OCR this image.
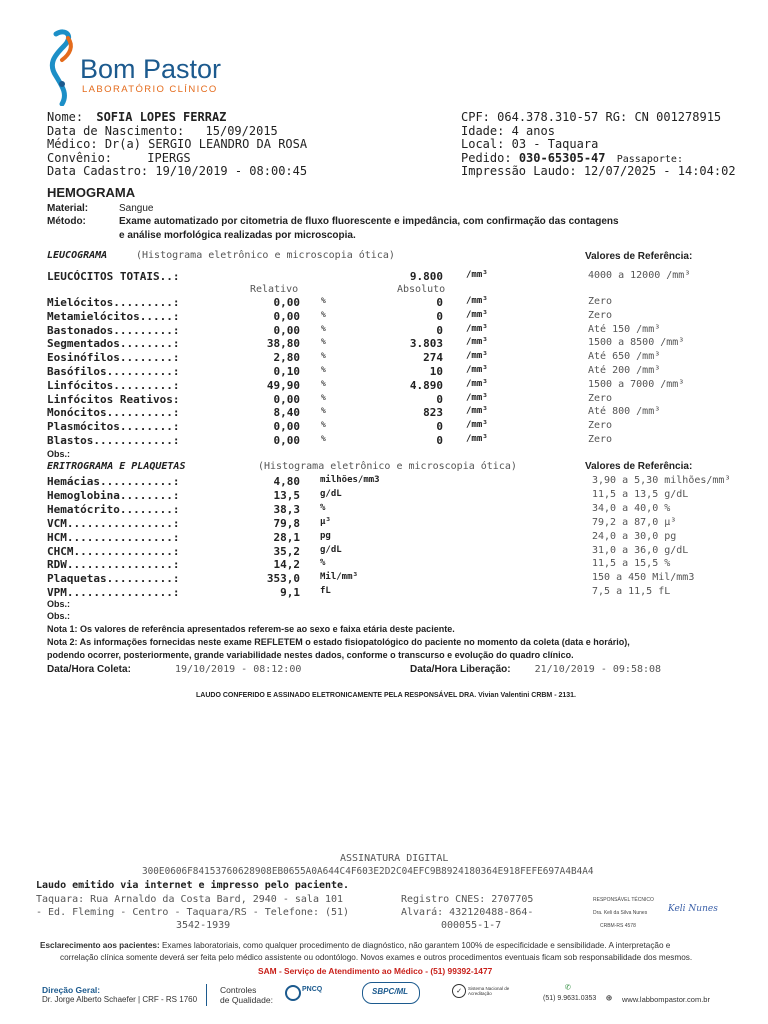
Bom Pastor
LABORATÓRIO CLÍNICO
Nome: SOFIA LOPES FERRAZ
Data de Nascimento: 15/09/2015
Médico: Dr(a) SERGIO LEANDRO DA ROSA
Convênio:	IPERGS
Data Cadastro: 19/10/2019 - 08:00:45
CPF: 064.378.310-57 RG: CN 001278915
Idade: 4 anos
Local: 03 - Taquara
Pedido: 030-65305-47 Passaporte:
Impressão Laudo: 12/07/2025 - 14:04:02
HEMOGRAMA
Material:	Sangue
Método:	Exame automatizado por citometria de fluxo fluorescente e impedância, com confirmação das contagens
e análise morfológica realizadas por microscopia.
LEUCOGRAMA	(Histograma eletrônico e microscopia ótica)	Valores de Referência:
LEUCÓCITOS TOTAIS..:	9.800	/mm³	4000 a 12000 /mm³
Relativo	Absoluto
Mielócitos.........:	0,00	%	0	/mm³	Zero
Metamielócitos.....:	0,00	%	0	/mm³	Zero
Bastonados.........:	0,00	%	0	/mm³	Até 150 /mm³
Segmentados........:	38,80	%	3.803	/mm³	1500 a 8500 /mm³
Eosinófilos........:	2,80	%	274	/mm³	Até 650 /mm³
Basófilos..........:	0,10	%	10	/mm³	Até 200 /mm³
Linfócitos.........:	49,90	%	4.890	/mm³	1500 a 7000 /mm³
Linfócitos Reativos:	0,00	%	0	/mm³	Zero
Monócitos..........:	8,40	%	823	/mm³	Até 800 /mm³
Plasmócitos........:	0,00	%	0	/mm³	Zero
Blastos............:	0,00	%	0	/mm³	Zero
Obs.:
ERITROGRAMA E PLAQUETAS	(Histograma eletrônico e microscopia ótica)	Valores de Referência:
Hemácias...........:	4,80 milhões/mm3	3,90 a 5,30 milhões/mm³
Hemoglobina........:	13,5 g/dL	11,5 a 13,5 g/dL
Hematócrito........:	38,3 %	34,0 a 40,0 %
VCM................:	79,8 µ³	79,2 a 87,0 µ³
HCM................:	28,1 pg	24,0 a 30,0 pg
CHCM...............:	35,2 g/dL	31,0 a 36,0 g/dL
RDW................:	14,2 %	11,5 a 15,5 %
Plaquetas..........:	353,0 Mil/mm³	150 a 450 Mil/mm3
VPM................:	9,1 fL	7,5 a 11,5 fL
Obs.:
Obs.:
Nota 1: Os valores de referência apresentados referem-se ao sexo e faixa etária deste paciente.
Nota 2: As informações fornecidas neste exame REFLETEM o estado fisiopatológico do paciente no momento da coleta (data e horário),
podendo ocorrer, posteriormente, grande variabilidade nestes dados, conforme o transcurso e evolução do quadro clínico.
Data/Hora Coleta:	19/10/2019 - 08:12:00	Data/Hora Liberação: 21/10/2019 - 09:58:08
LAUDO CONFERIDO E ASSINADO ELETRONICAMENTE PELA RESPONSÁVEL DRA. Vivian Valentini CRBM - 2131.
ASSINATURA DIGITAL
300E0606F84153760628908EB0655A0A644C4F603E2D2C04EFC9B8924180364E918FEFE697A4B4A4
Laudo emitido via internet e impresso pelo paciente.
Taquara: Rua Arnaldo da Costa Bard, 2940 - sala 101
- Ed. Fleming - Centro - Taquara/RS - Telefone: (51)
3542-1939
Registro CNES: 2707705
Alvará: 432120488-864-
000055-1-7
RESPONSÁVEL TÉCNICO
Dra. Keli da Silva Nunes
CRBM-RS 4578
Keli Nunes
Esclarecimento aos pacientes: Exames laboratoriais, como qualquer procedimento de diagnóstico, não garantem 100% de especificidade e sensibilidade. A interpretação e
correlação clínica somente deverá ser feita pelo médico assistente ou odontólogo. Novos exames e outros procedimentos eventuais ficam sob responsabilidade dos mesmos.
SAM - Serviço de Atendimento ao Médico - (51) 99392-1477
Direção Geral:
Dr. Jorge Alberto Schaefer | CRF - RS 1760
Controles
de Qualidade:
PNCQ	SBPC/ML	✓	Sistema Nacional de Acreditação
✆
(51) 9.9631.0353 ⊕ www.labbompastor.com.br
